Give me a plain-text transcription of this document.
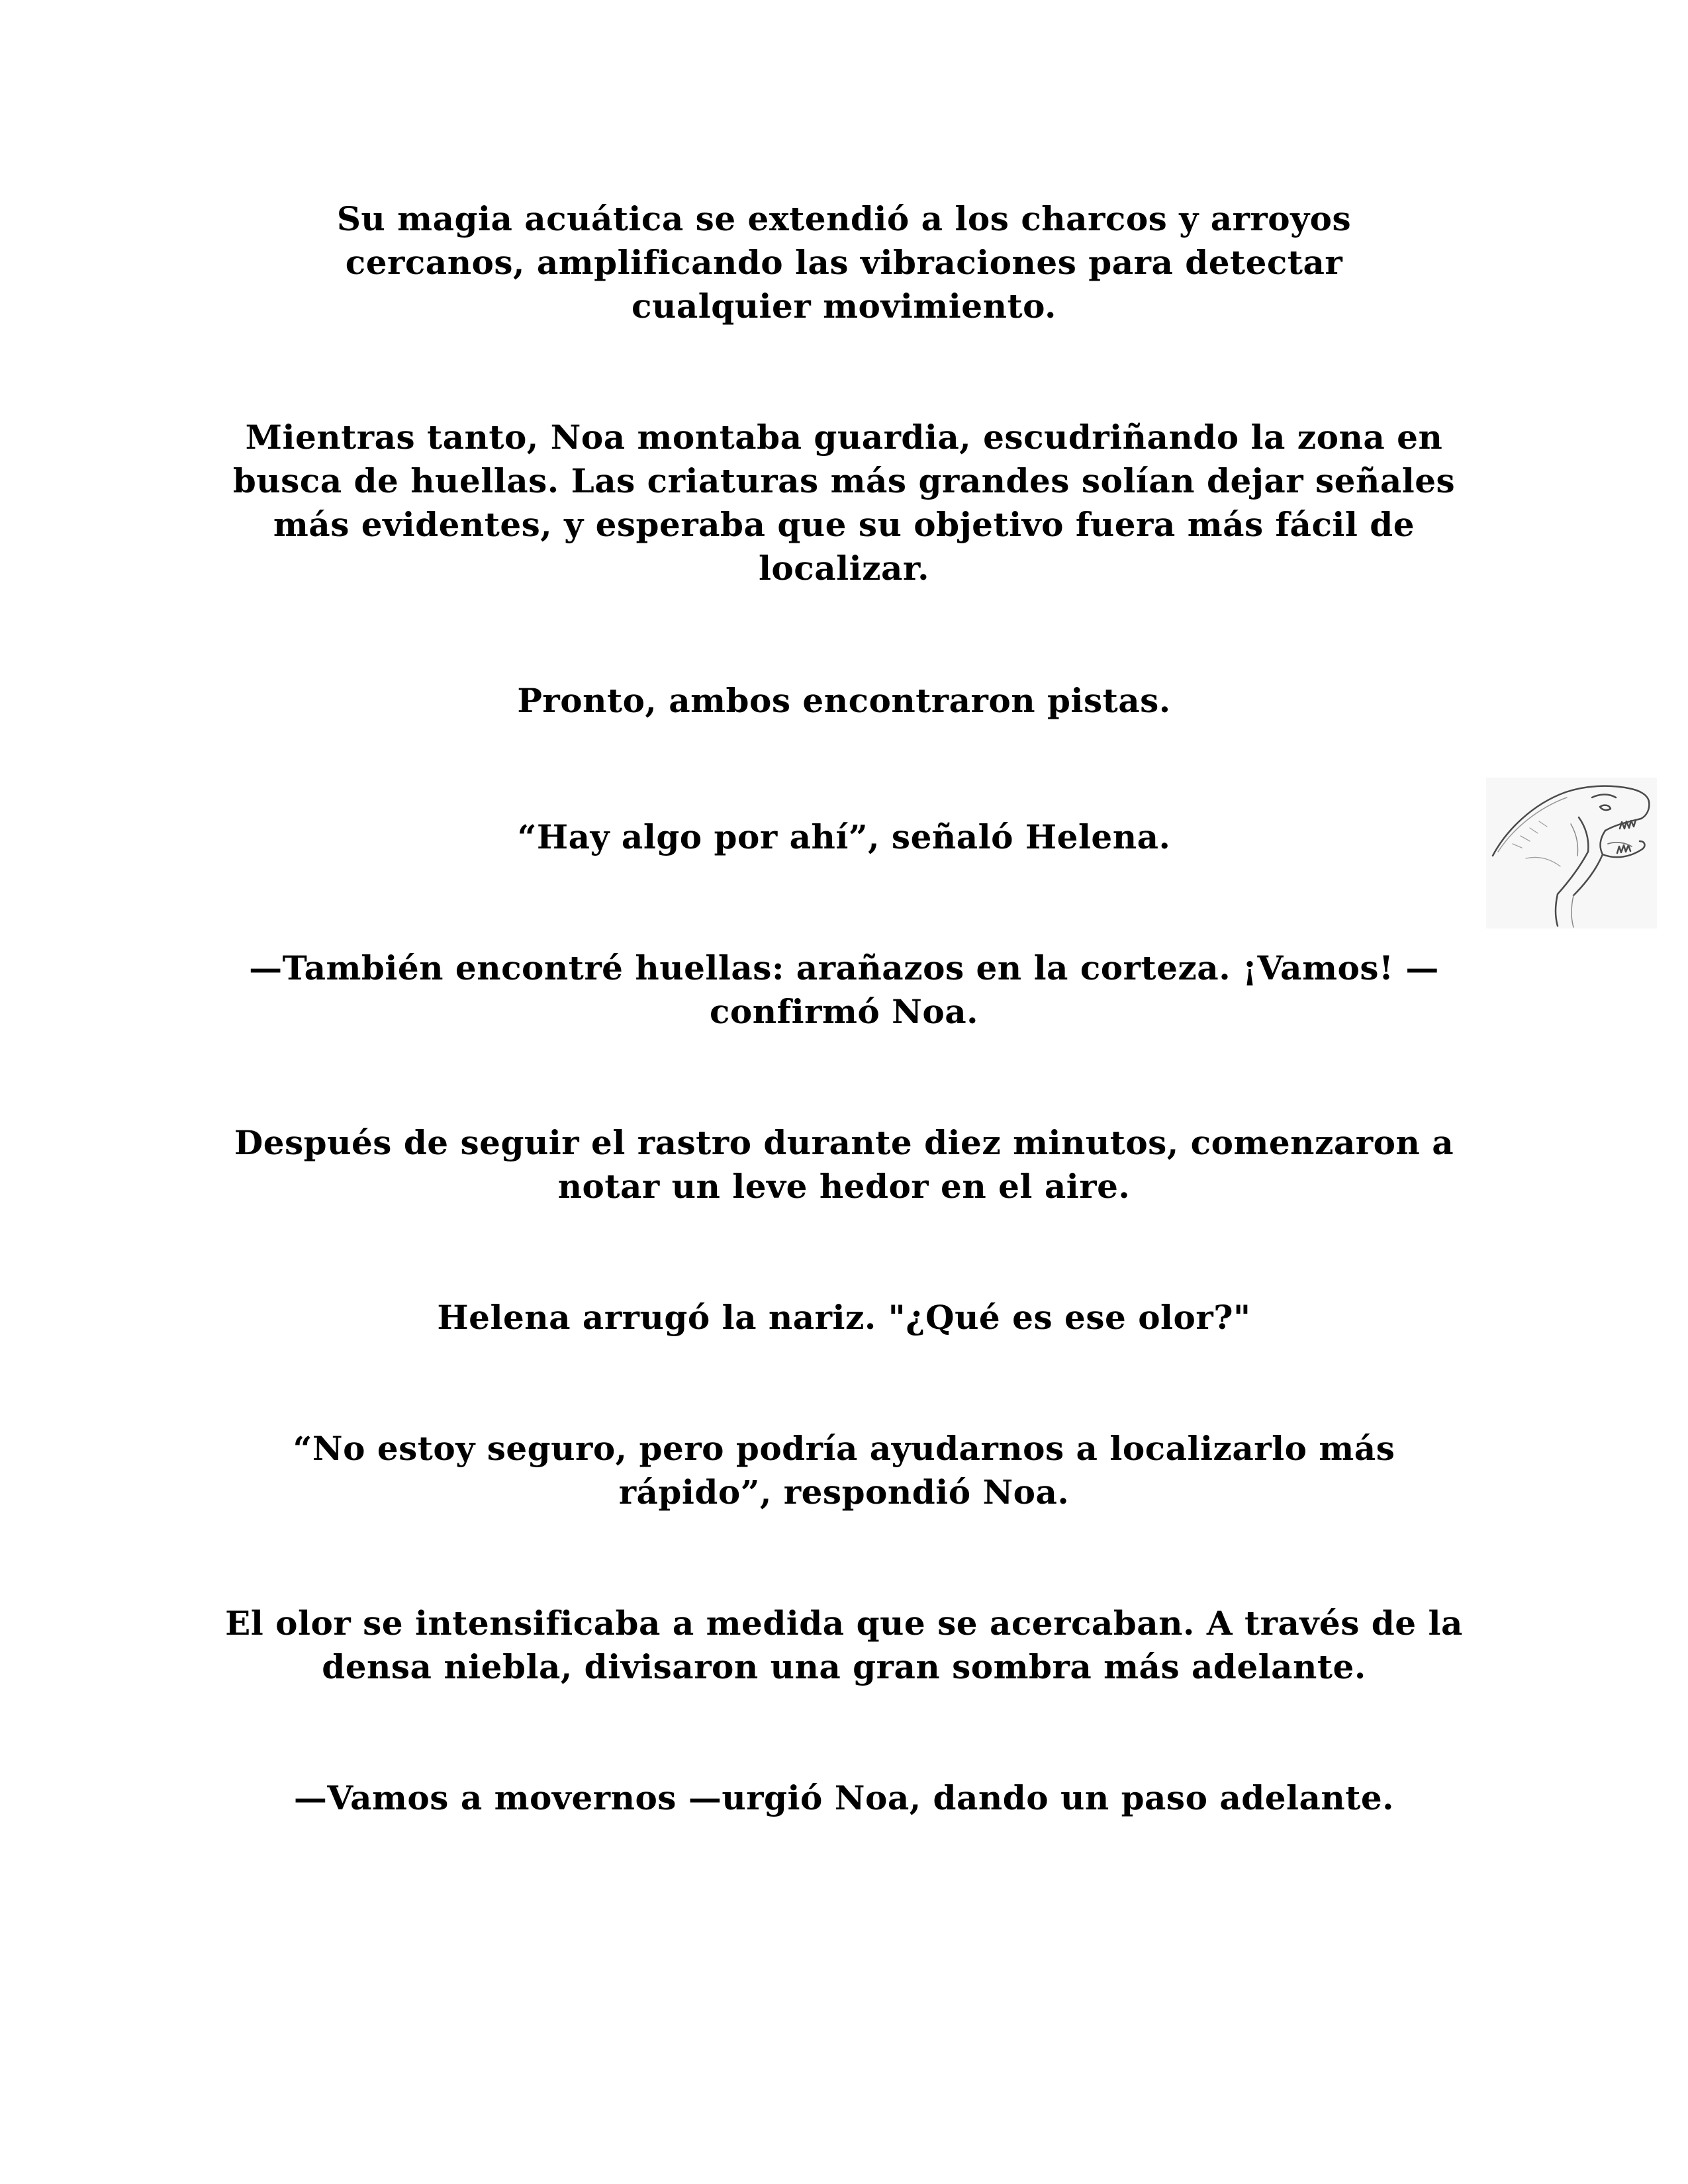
Su magia acuática se extendió a los charcos y arroyos cercanos, amplificando las vibraciones para detectar cualquier movimiento.

Mientras tanto, Noa montaba guardia, escudriñando la zona en busca de huellas. Las criaturas más grandes solían dejar señales más evidentes, y esperaba que su objetivo fuera más fácil de localizar.

Pronto, ambos encontraron pistas.

“Hay algo por ahí”, señaló Helena.

—También encontré huellas: arañazos en la corteza. ¡Vamos! —confirmó Noa.

Después de seguir el rastro durante diez minutos, comenzaron a notar un leve hedor en el aire.

Helena arrugó la nariz. "¿Qué es ese olor?"

“No estoy seguro, pero podría ayudarnos a localizarlo más rápido”, respondió Noa.

El olor se intensificaba a medida que se acercaban. A través de la densa niebla, divisaron una gran sombra más adelante.

—Vamos a movernos —urgió Noa, dando un paso adelante.
